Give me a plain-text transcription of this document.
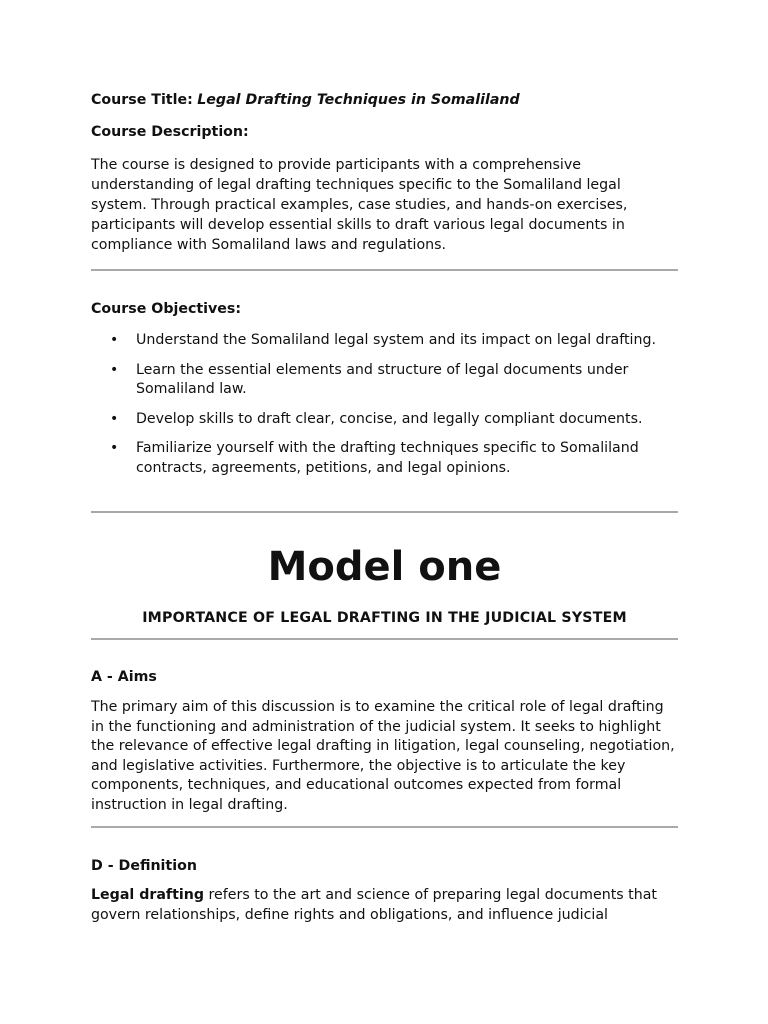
Course Title: Legal Drafting Techniques in Somaliland

Course Description:

The course is designed to provide participants with a comprehensive understanding of legal drafting techniques specific to the Somaliland legal system. Through practical examples, case studies, and hands-on exercises, participants will develop essential skills to draft various legal documents in compliance with Somaliland laws and regulations.

Course Objectives:

• Understand the Somaliland legal system and its impact on legal drafting.
• Learn the essential elements and structure of legal documents under Somaliland law.
• Develop skills to draft clear, concise, and legally compliant documents.
• Familiarize yourself with the drafting techniques specific to Somaliland contracts, agreements, petitions, and legal opinions.
Model one
IMPORTANCE OF LEGAL DRAFTING IN THE JUDICIAL SYSTEM

A - Aims

The primary aim of this discussion is to examine the critical role of legal drafting in the functioning and administration of the judicial system. It seeks to highlight the relevance of effective legal drafting in litigation, legal counseling, negotiation, and legislative activities. Furthermore, the objective is to articulate the key components, techniques, and educational outcomes expected from formal instruction in legal drafting.

D - Definition

Legal drafting refers to the art and science of preparing legal documents that govern relationships, define rights and obligations, and influence judicial
